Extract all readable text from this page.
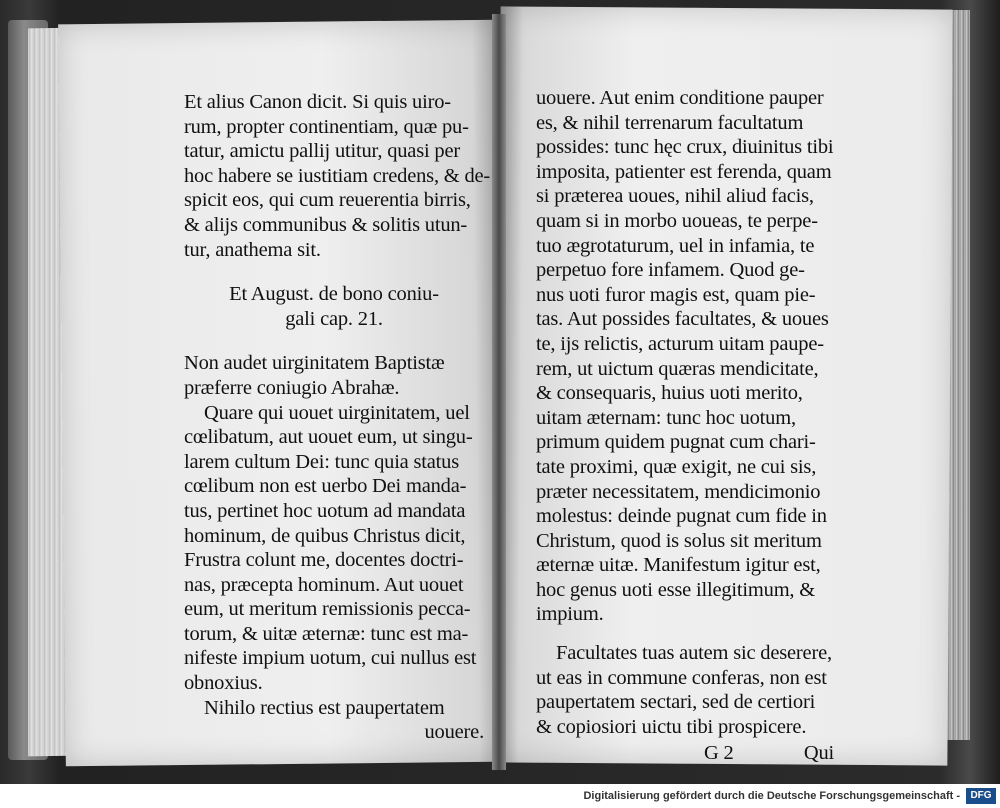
Et alius Canon dicit. Si quis uiro-
rum, propter continentiam, quæ pu-
tatur, amictu pallij utitur, quasi per
hoc habere se iustitiam credens, & de-
spicit eos, qui cum reuerentia birris,
& alijs communibus & solitis utun-
tur, anathema sit.
Et August. de bono coniu-
gali cap. 21.
Non audet uirginitatem Baptistæ
præferre coniugio Abrahæ.
Quare qui uouet uirginitatem, uel
cœlibatum, aut uouet eum, ut singu-
larem cultum Dei: tunc quia status
cœlibum non est uerbo Dei manda-
tus, pertinet hoc uotum ad mandata
hominum, de quibus Christus dicit,
Frustra colunt me, docentes doctri-
nas, præcepta hominum. Aut uouet
eum, ut meritum remissionis pecca-
torum, & uitæ æternæ: tunc est ma-
nifeste impium uotum, cui nullus est
obnoxius.
Nihilo rectius est paupertatem
uouere.
uouere. Aut enim conditione pauper
es, & nihil terrenarum facultatum
possides: tunc hęc crux, diuinitus tibi
imposita, patienter est ferenda, quam
si præterea uoues, nihil aliud facis,
quam si in morbo uoueas, te perpe-
tuo ægrotaturum, uel in infamia, te
perpetuo fore infamem. Quod ge-
nus uoti furor magis est, quam pie-
tas. Aut possides facultates, & uoues
te, ijs relictis, acturum uitam paupe-
rem, ut uictum quæras mendicitate,
& consequaris, huius uoti merito,
uitam æternam: tunc hoc uotum,
primum quidem pugnat cum chari-
tate proximi, quæ exigit, ne cui sis,
præter necessitatem, mendicimonio
molestus: deinde pugnat cum fide in
Christum, quod is solus sit meritum
æternæ uitæ. Manifestum igitur est,
hoc genus uoti esse illegitimum, &
impium.
Facultates tuas autem sic deserere,
ut eas in commune conferas, non est
paupertatem sectari, sed de certiori
& copiosiori uictu tibi prospicere.
G 2	Qui
Digitalisierung gefördert durch die Deutsche Forschungsgemeinschaft -	DFG
